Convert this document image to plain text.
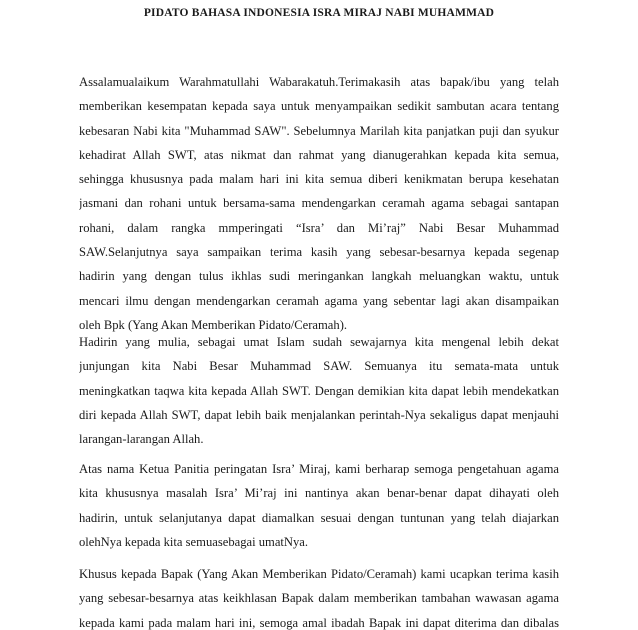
PIDATO BAHASA INDONESIA ISRA MIRAJ NABI MUHAMMAD
Assalamualaikum Warahmatullahi Wabarakatuh.Terimakasih atas bapak/ibu yang telah
memberikan kesempatan kepada saya untuk menyampaikan sedikit sambutan acara tentang
kebesaran Nabi kita "Muhammad SAW". Sebelumnya Marilah kita panjatkan puji dan syukur
kehadirat Allah SWT, atas nikmat dan rahmat yang dianugerahkan kepada kita semua,
sehingga khususnya pada malam hari ini kita semua diberi kenikmatan berupa kesehatan
jasmani dan rohani untuk bersama-sama mendengarkan ceramah agama sebagai santapan
rohani, dalam rangka mmperingati “Isra’ dan Mi’raj” Nabi Besar Muhammad
SAW.Selanjutnya saya sampaikan terima kasih yang sebesar-besarnya kepada segenap
hadirin yang dengan tulus ikhlas sudi meringankan langkah meluangkan waktu, untuk
mencari ilmu dengan mendengarkan ceramah agama yang sebentar lagi akan disampaikan
oleh Bpk (Yang Akan Memberikan Pidato/Ceramah).
Hadirin yang mulia, sebagai umat Islam sudah sewajarnya kita mengenal lebih dekat
junjungan kita Nabi Besar Muhammad SAW. Semuanya itu semata-mata untuk
meningkatkan taqwa kita kepada Allah SWT. Dengan demikian kita dapat lebih mendekatkan
diri kepada Allah SWT, dapat lebih baik menjalankan perintah-Nya sekaligus dapat menjauhi
larangan-larangan Allah.
Atas nama Ketua Panitia peringatan Isra’ Miraj, kami berharap semoga pengetahuan agama
kita khususnya masalah Isra’ Mi’raj ini nantinya akan benar-benar dapat dihayati oleh
hadirin, untuk selanjutanya dapat diamalkan sesuai dengan tuntunan yang telah diajarkan
olehNya kepada kita semuasebagai umatNya.
Khusus kepada Bapak (Yang Akan Memberikan Pidato/Ceramah) kami ucapkan terima kasih
yang sebesar-besarnya atas keikhlasan Bapak dalam memberikan tambahan wawasan agama
kepada kami pada malam hari ini, semoga amal ibadah Bapak ini dapat diterima dan dibalas
